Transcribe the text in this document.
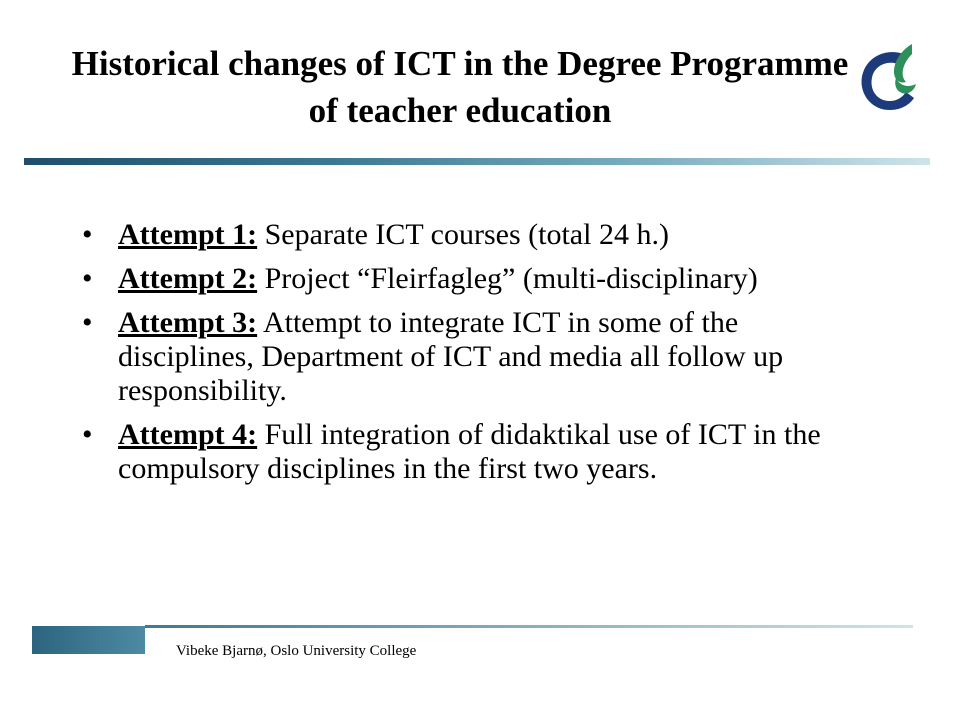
Historical changes of ICT in the Degree Programme of teacher education
• Attempt 1: Separate ICT courses (total 24 h.)
• Attempt 2: Project “Fleirfagleg” (multi-disciplinary)
• Attempt 3: Attempt to integrate ICT in some of the disciplines, Department of ICT and media all follow up responsibility.
• Attempt 4: Full integration of didaktikal use of ICT in the compulsory disciplines in the first two years.
Vibeke Bjarnø, Oslo University College
